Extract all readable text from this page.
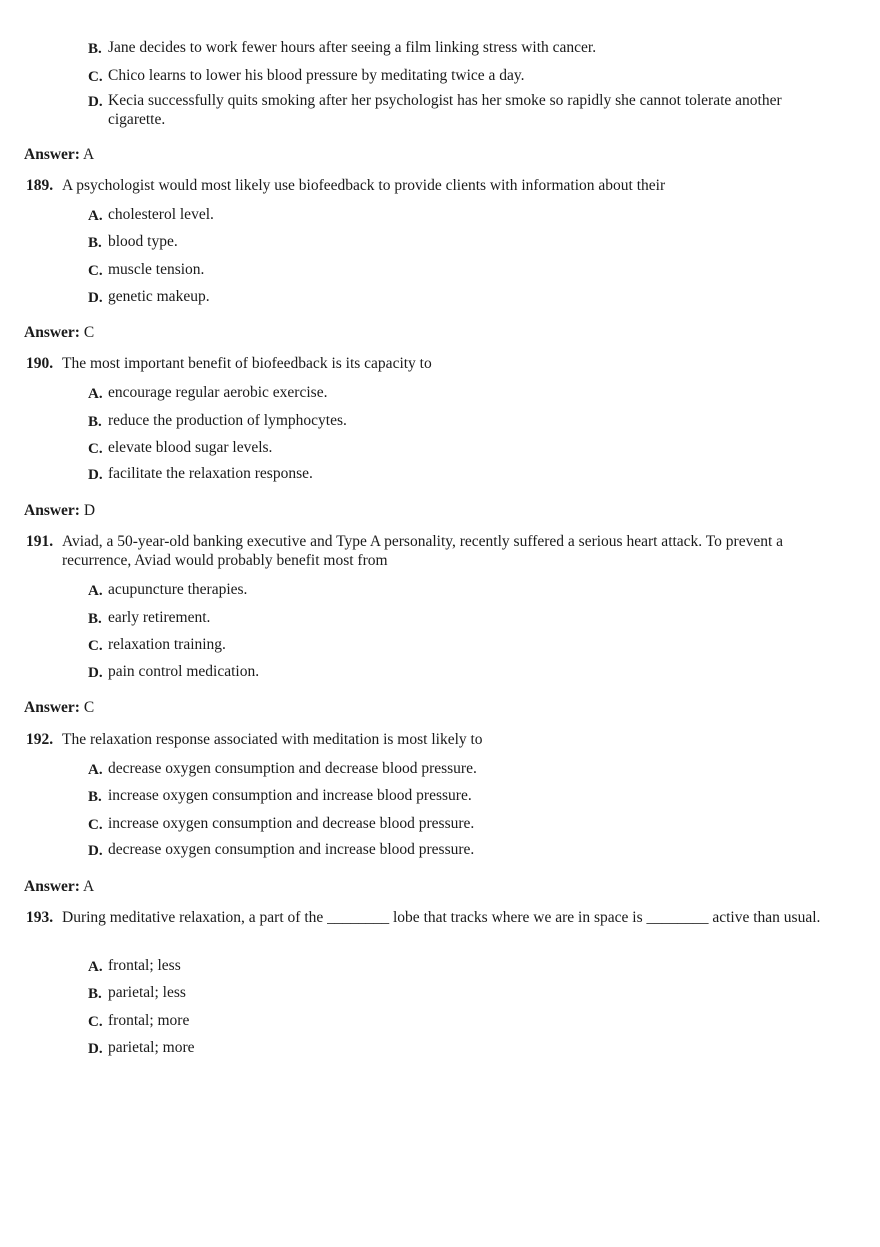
B. Jane decides to work fewer hours after seeing a film linking stress with cancer.
C. Chico learns to lower his blood pressure by meditating twice a day.
D. Kecia successfully quits smoking after her psychologist has her smoke so rapidly she cannot tolerate another cigarette.
Answer: A
189. A psychologist would most likely use biofeedback to provide clients with information about their
A. cholesterol level.
B. blood type.
C. muscle tension.
D. genetic makeup.
Answer: C
190. The most important benefit of biofeedback is its capacity to
A. encourage regular aerobic exercise.
B. reduce the production of lymphocytes.
C. elevate blood sugar levels.
D. facilitate the relaxation response.
Answer: D
191. Aviad, a 50-year-old banking executive and Type A personality, recently suffered a serious heart attack. To prevent a recurrence, Aviad would probably benefit most from
A. acupuncture therapies.
B. early retirement.
C. relaxation training.
D. pain control medication.
Answer: C
192. The relaxation response associated with meditation is most likely to
A. decrease oxygen consumption and decrease blood pressure.
B. increase oxygen consumption and increase blood pressure.
C. increase oxygen consumption and decrease blood pressure.
D. decrease oxygen consumption and increase blood pressure.
Answer: A
193. During meditative relaxation, a part of the ________ lobe that tracks where we are in space is ________ active than usual.
A. frontal; less
B. parietal; less
C. frontal; more
D. parietal; more
